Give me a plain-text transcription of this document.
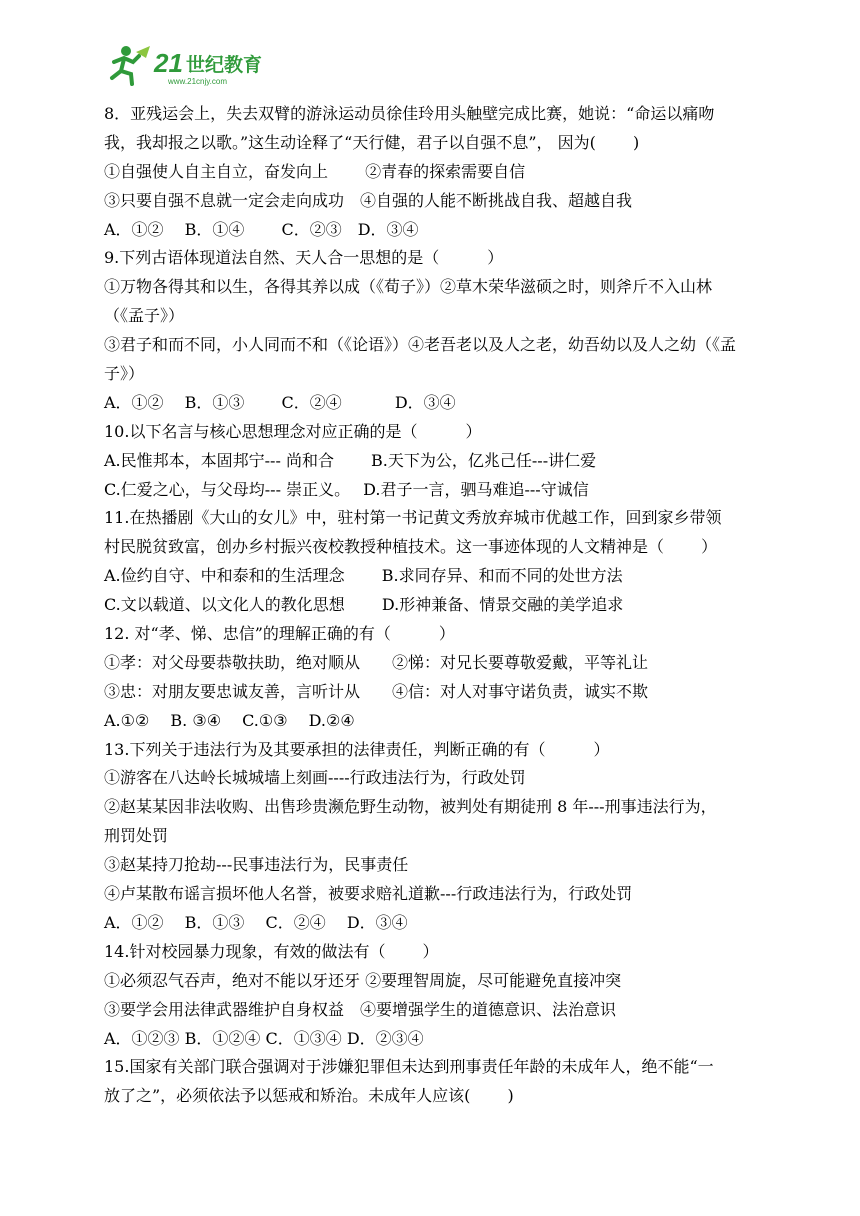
21 世纪教育
www.21cnjy.com
8．亚残运会上，失去双臂的游泳运动员徐佳玲用头触壁完成比赛，她说：“命运以痛吻
我，我却报之以歌。”这生动诠释了“天行健，君子以自强不息”， 因为(　　 )
①自强使人自主自立，奋发向上　　 ②青春的探索需要自信
③只要自强不息就一定会走向成功　④自强的人能不断挑战自我、超越自我
A．①②　 B．①④　　 C．②③　D．③④
9.下列古语体现道法自然、天人合一思想的是（　　　）
①万物各得其和以生，各得其养以成（《荀子》）②草木荣华滋硕之时，则斧斤不入山林
（《孟子》）
③君子和而不同，小人同而不和（《论语》）④老吾老以及人之老，幼吾幼以及人之幼（《孟
子》）
A．①②　 B．①③　　 C．②④　　　 D．③④
10.以下名言与核心思想理念对应正确的是（　　　）
A.民惟邦本，本固邦宁--- 尚和合　　 B.天下为公，亿兆己任---讲仁爱
C.仁爱之心，与父母均--- 崇正义。　 D.君子一言，驷马难追---守诚信
11.在热播剧《大山的女儿》中，驻村第一书记黄文秀放弃城市优越工作，回到家乡带领
村民脱贫致富，创办乡村振兴夜校教授种植技术。这一事迹体现的人文精神是（　　 ）
A.俭约自守、中和泰和的生活理念　　 B.求同存异、和而不同的处世方法
C.文以载道、以文化人的教化思想　　 D.形神兼备、情景交融的美学追求
12. 对“孝、悌、忠信”的理解正确的有（　　　）
①孝：对父母要恭敬扶助，绝对顺从　　②悌：对兄长要尊敬爱戴，平等礼让
③忠：对朋友要忠诚友善，言听计从　　④信：对人对事守诺负责，诚实不欺
A.①②　 B. ③④　 C.①③　 D.②④
13.下列关于违法行为及其要承担的法律责任，判断正确的有（　　　）
①游客在八达岭长城城墙上刻画----行政违法行为，行政处罚
②赵某某因非法收购、出售珍贵濒危野生动物，被判处有期徒刑 8 年---刑事违法行为，
刑罚处罚
③赵某持刀抢劫---民事违法行为，民事责任
④卢某散布谣言损坏他人名誉，被要求赔礼道歉---行政违法行为，行政处罚
A．①②　 B．①③　 C．②④　 D．③④
14.针对校园暴力现象，有效的做法有（　　 ）
①必须忍气吞声，绝对不能以牙还牙 ②要理智周旋，尽可能避免直接冲突
③要学会用法律武器维护自身权益　④要增强学生的道德意识、法治意识
A．①②③ B．①②④ C．①③④ D．②③④
15.国家有关部门联合强调对于涉嫌犯罪但未达到刑事责任年龄的未成年人，绝不能“一
放了之”，必须依法予以惩戒和矫治。未成年人应该(　　 )
